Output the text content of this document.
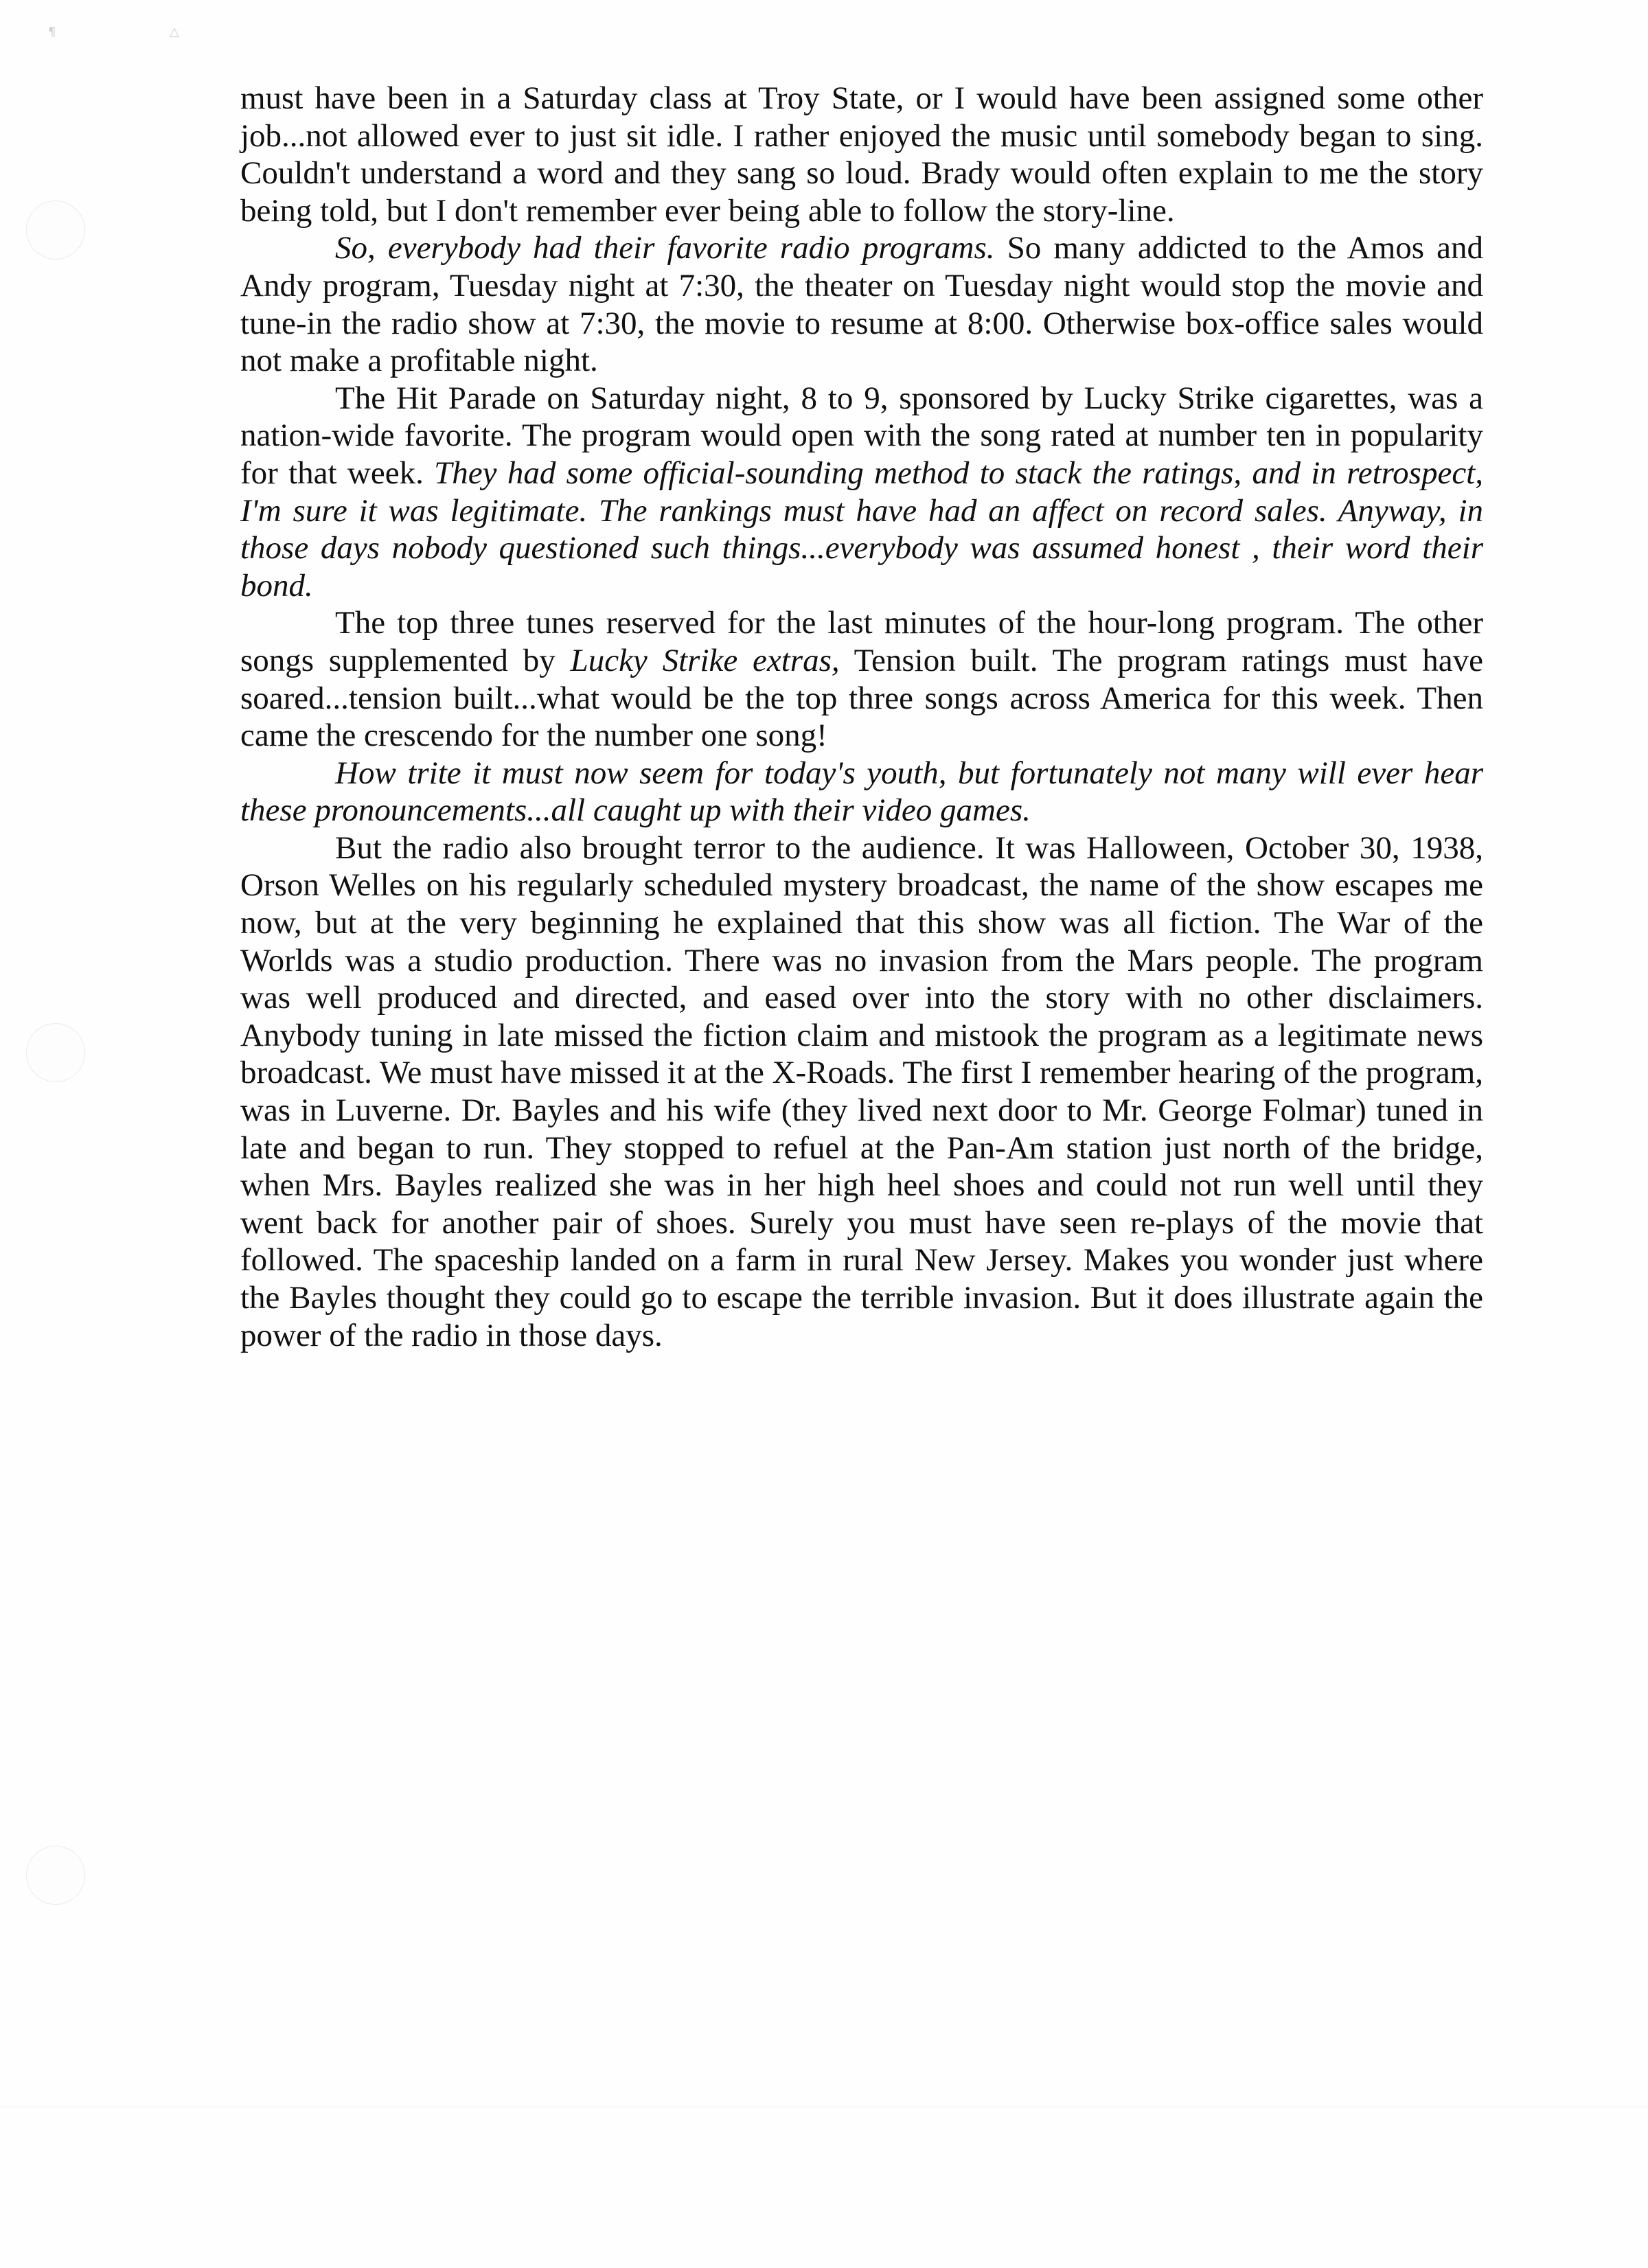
¶ △

must have been in a Saturday class at Troy State, or I would have been assigned some other job...not allowed ever to just sit idle. I rather enjoyed the music until somebody began to sing. Couldn't understand a word and they sang so loud. Brady would often explain to me the story being told, but I don't remember ever being able to follow the story-line.

So, everybody had their favorite radio programs. So many addicted to the Amos and Andy program, Tuesday night at 7:30, the theater on Tuesday night would stop the movie and tune-in the radio show at 7:30, the movie to resume at 8:00. Otherwise box-office sales would not make a profitable night.

The Hit Parade on Saturday night, 8 to 9, sponsored by Lucky Strike cigarettes, was a nation-wide favorite. The program would open with the song rated at number ten in popularity for that week. They had some official-sounding method to stack the ratings, and in retrospect, I'm sure it was legitimate. The rankings must have had an affect on record sales. Anyway, in those days nobody questioned such things...everybody was assumed honest , their word their bond.

The top three tunes reserved for the last minutes of the hour-long program. The other songs supplemented by Lucky Strike extras, Tension built. The program ratings must have soared...tension built...what would be the top three songs across America for this week. Then came the crescendo for the number one song!

How trite it must now seem for today's youth, but fortunately not many will ever hear these pronouncements...all caught up with their video games.

But the radio also brought terror to the audience. It was Halloween, October 30, 1938, Orson Welles on his regularly scheduled mystery broadcast, the name of the show escapes me now, but at the very beginning he explained that this show was all fiction. The War of the Worlds was a studio production. There was no invasion from the Mars people. The program was well produced and directed, and eased over into the story with no other disclaimers. Anybody tuning in late missed the fiction claim and mistook the program as a legitimate news broadcast. We must have missed it at the X-Roads. The first I remember hearing of the program, was in Luverne. Dr. Bayles and his wife (they lived next door to Mr. George Folmar) tuned in late and began to run. They stopped to refuel at the Pan-Am station just north of the bridge, when Mrs. Bayles realized she was in her high heel shoes and could not run well until they went back for another pair of shoes. Surely you must have seen re-plays of the movie that followed. The spaceship landed on a farm in rural New Jersey. Makes you wonder just where the Bayles thought they could go to escape the terrible invasion. But it does illustrate again the power of the radio in those days.
